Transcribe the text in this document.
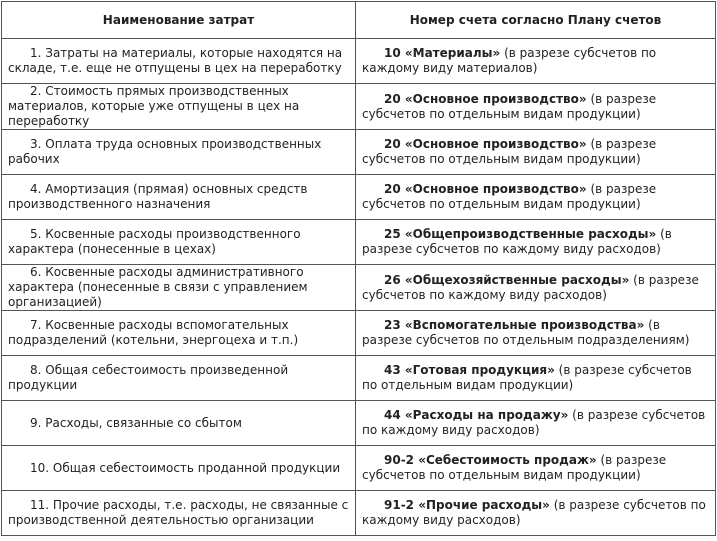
Наименование затрат	Номер счета согласно Плану счетов
1. Затраты на материалы, которые находятся на складе, т.е. еще не отпущены в цех на переработку	10 «Материалы» (в разрезе субсчетов по каждому виду материалов)
2. Стоимость прямых производственных материалов, которые уже отпущены в цех на переработку	20 «Основное производство» (в разрезе субсчетов по отдельным видам продукции)
3. Оплата труда основных производственных рабочих	20 «Основное производство» (в разрезе субсчетов по отдельным видам продукции)
4. Амортизация (прямая) основных средств производственного назначения	20 «Основное производство» (в разрезе субсчетов по отдельным видам продукции)
5. Косвенные расходы производственного характера (понесенные в цехах)	25 «Общепроизводственные расходы» (в разрезе субсчетов по каждому виду расходов)
6. Косвенные расходы административного характера (понесенные в связи с управлением организацией)	26 «Общехозяйственные расходы» (в разрезе субсчетов по каждому виду расходов)
7. Косвенные расходы вспомогательных подразделений (котельни, энергоцеха и т.п.)	23 «Вспомогательные производства» (в разрезе субсчетов по отдельным подразделениям)
8. Общая себестоимость произведенной продукции	43 «Готовая продукция» (в разрезе субсчетов по отдельным видам продукции)
9. Расходы, связанные со сбытом	44 «Расходы на продажу» (в разрезе субсчетов по каждому виду расходов)
10. Общая себестоимость проданной продукции	90-2 «Себестоимость продаж» (в разрезе субсчетов по отдельным видам продукции)
11. Прочие расходы, т.е. расходы, не связанные с производственной деятельностью организации	91-2 «Прочие расходы» (в разрезе субсчетов по каждому виду расходов)
